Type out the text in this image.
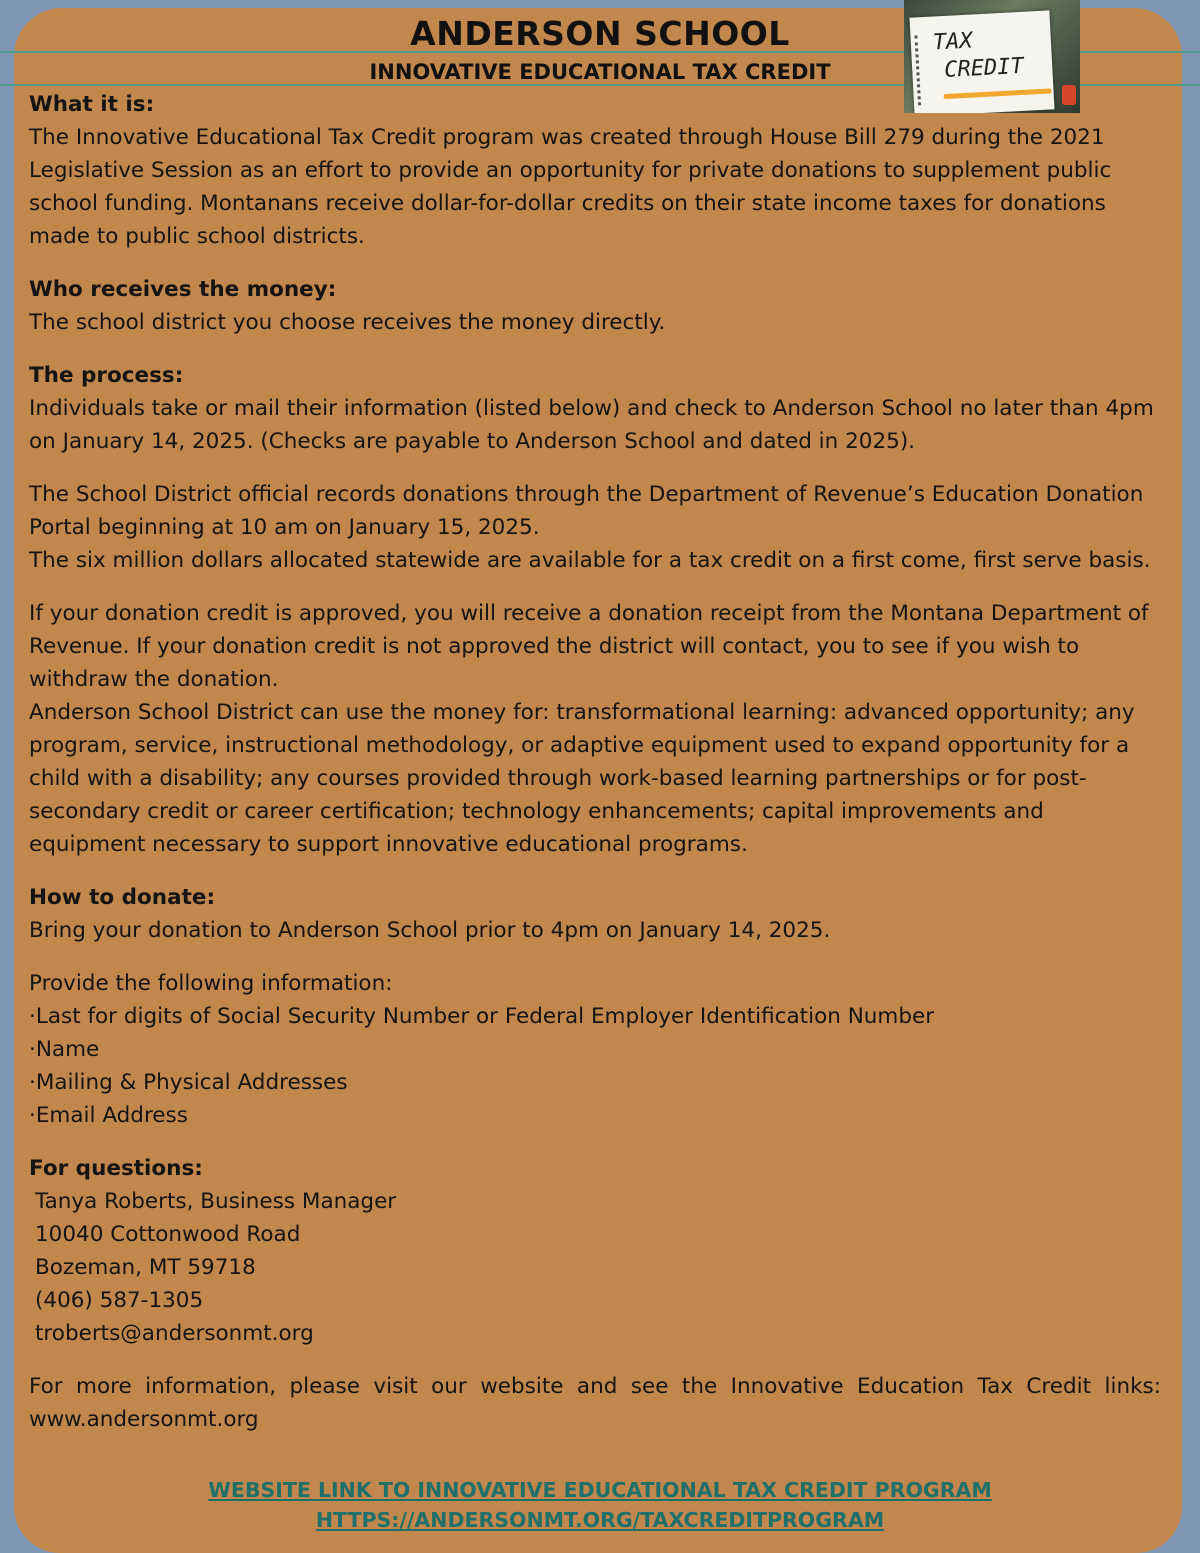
ANDERSON SCHOOL
INNOVATIVE EDUCATIONAL TAX CREDIT
TAX
CREDIT

What it is:
The Innovative Educational Tax Credit program was created through House Bill 279 during the 2021 Legislative Session as an effort to provide an opportunity for private donations to supplement public school funding. Montanans receive dollar-for-dollar credits on their state income taxes for donations made to public school districts.

Who receives the money:
The school district you choose receives the money directly.

The process:
Individuals take or mail their information (listed below) and check to Anderson School no later than 4pm on January 14, 2025. (Checks are payable to Anderson School and dated in 2025).

The School District official records donations through the Department of Revenue’s Education Donation Portal beginning at 10 am on January 15, 2025.
The six million dollars allocated statewide are available for a tax credit on a first come, first serve basis.

If your donation credit is approved, you will receive a donation receipt from the Montana Department of Revenue. If your donation credit is not approved the district will contact, you to see if you wish to withdraw the donation.
Anderson School District can use the money for: transformational learning: advanced opportunity; any program, service, instructional methodology, or adaptive equipment used to expand opportunity for a child with a disability; any courses provided through work-based learning partnerships or for post-secondary credit or career certification; technology enhancements; capital improvements and equipment necessary to support innovative educational programs.

How to donate:
Bring your donation to Anderson School prior to 4pm on January 14, 2025.

Provide the following information:
·Last for digits of Social Security Number or Federal Employer Identification Number
·Name
·Mailing & Physical Addresses
·Email Address

For questions:
Tanya Roberts, Business Manager
10040 Cottonwood Road
Bozeman, MT 59718
(406) 587-1305
troberts@andersonmt.org

For more information, please visit our website and see the Innovative Education Tax Credit links: www.andersonmt.org

WEBSITE LINK TO INNOVATIVE EDUCATIONAL TAX CREDIT PROGRAM
HTTPS://ANDERSONMT.ORG/TAXCREDITPROGRAM
